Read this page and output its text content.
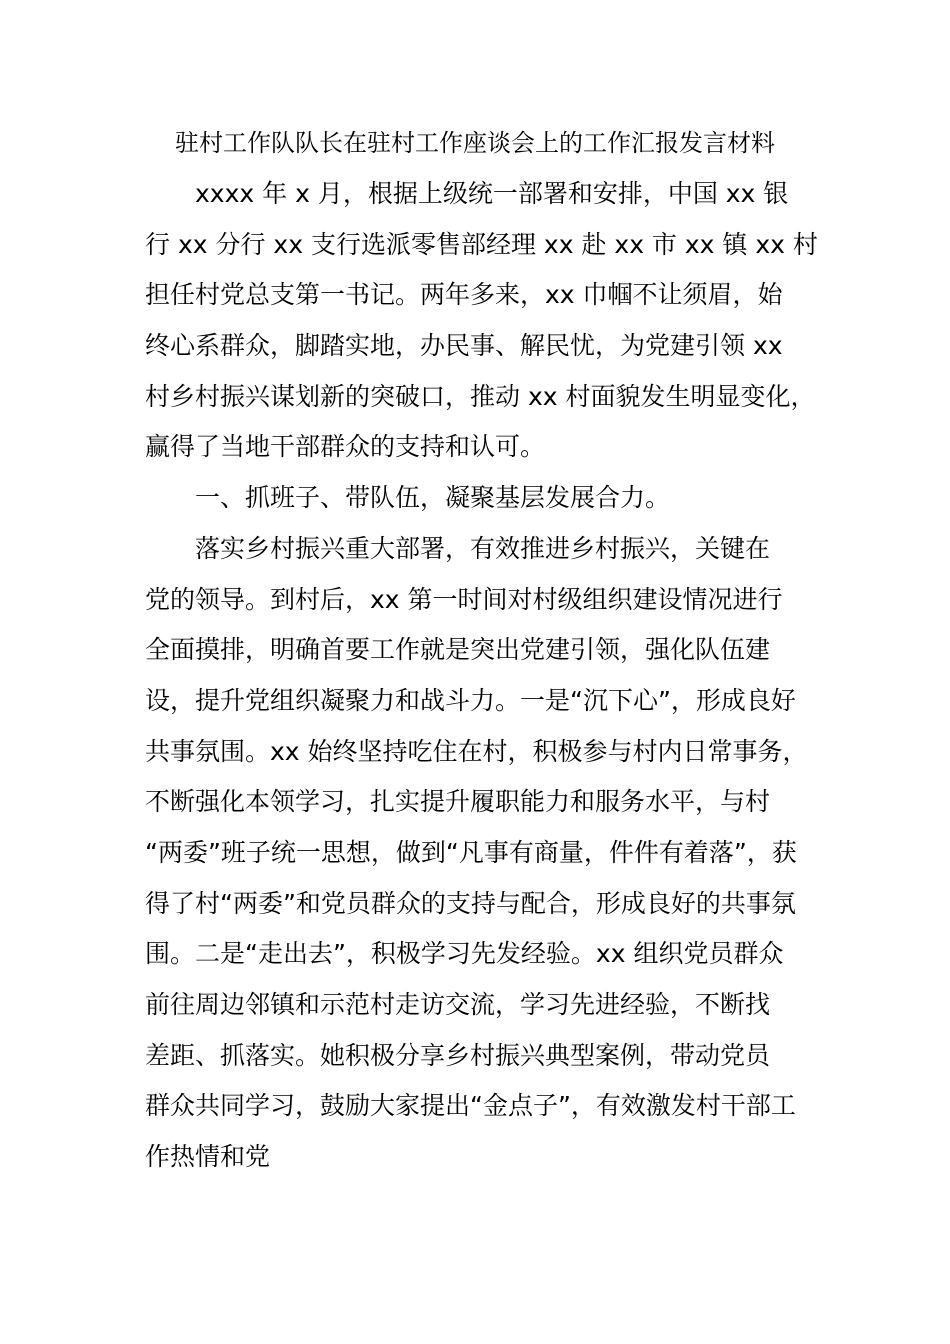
驻村工作队队长在驻村工作座谈会上的工作汇报发言材料
xxxx 年 x 月，根据上级统一部署和安排，中国 xx 银
行 xx 分行 xx 支行选派零售部经理 xx 赴 xx 市 xx 镇 xx 村
担任村党总支第一书记。两年多来，xx 巾帼不让须眉，始
终心系群众，脚踏实地，办民事、解民忧，为党建引领 xx
村乡村振兴谋划新的突破口，推动 xx 村面貌发生明显变化，
赢得了当地干部群众的支持和认可。
一、抓班子、带队伍，凝聚基层发展合力。
落实乡村振兴重大部署，有效推进乡村振兴，关键在
党的领导。到村后，xx 第一时间对村级组织建设情况进行
全面摸排，明确首要工作就是突出党建引领，强化队伍建
设，提升党组织凝聚力和战斗力。一是“沉下心”，形成良好
共事氛围。xx 始终坚持吃住在村，积极参与村内日常事务，
不断强化本领学习，扎实提升履职能力和服务水平，与村
“两委”班子统一思想，做到“凡事有商量，件件有着落”，获
得了村“两委”和党员群众的支持与配合，形成良好的共事氛
围。二是“走出去”，积极学习先发经验。xx 组织党员群众
前往周边邻镇和示范村走访交流，学习先进经验，不断找
差距、抓落实。她积极分享乡村振兴典型案例，带动党员
群众共同学习，鼓励大家提出“金点子”，有效激发村干部工
作热情和党
